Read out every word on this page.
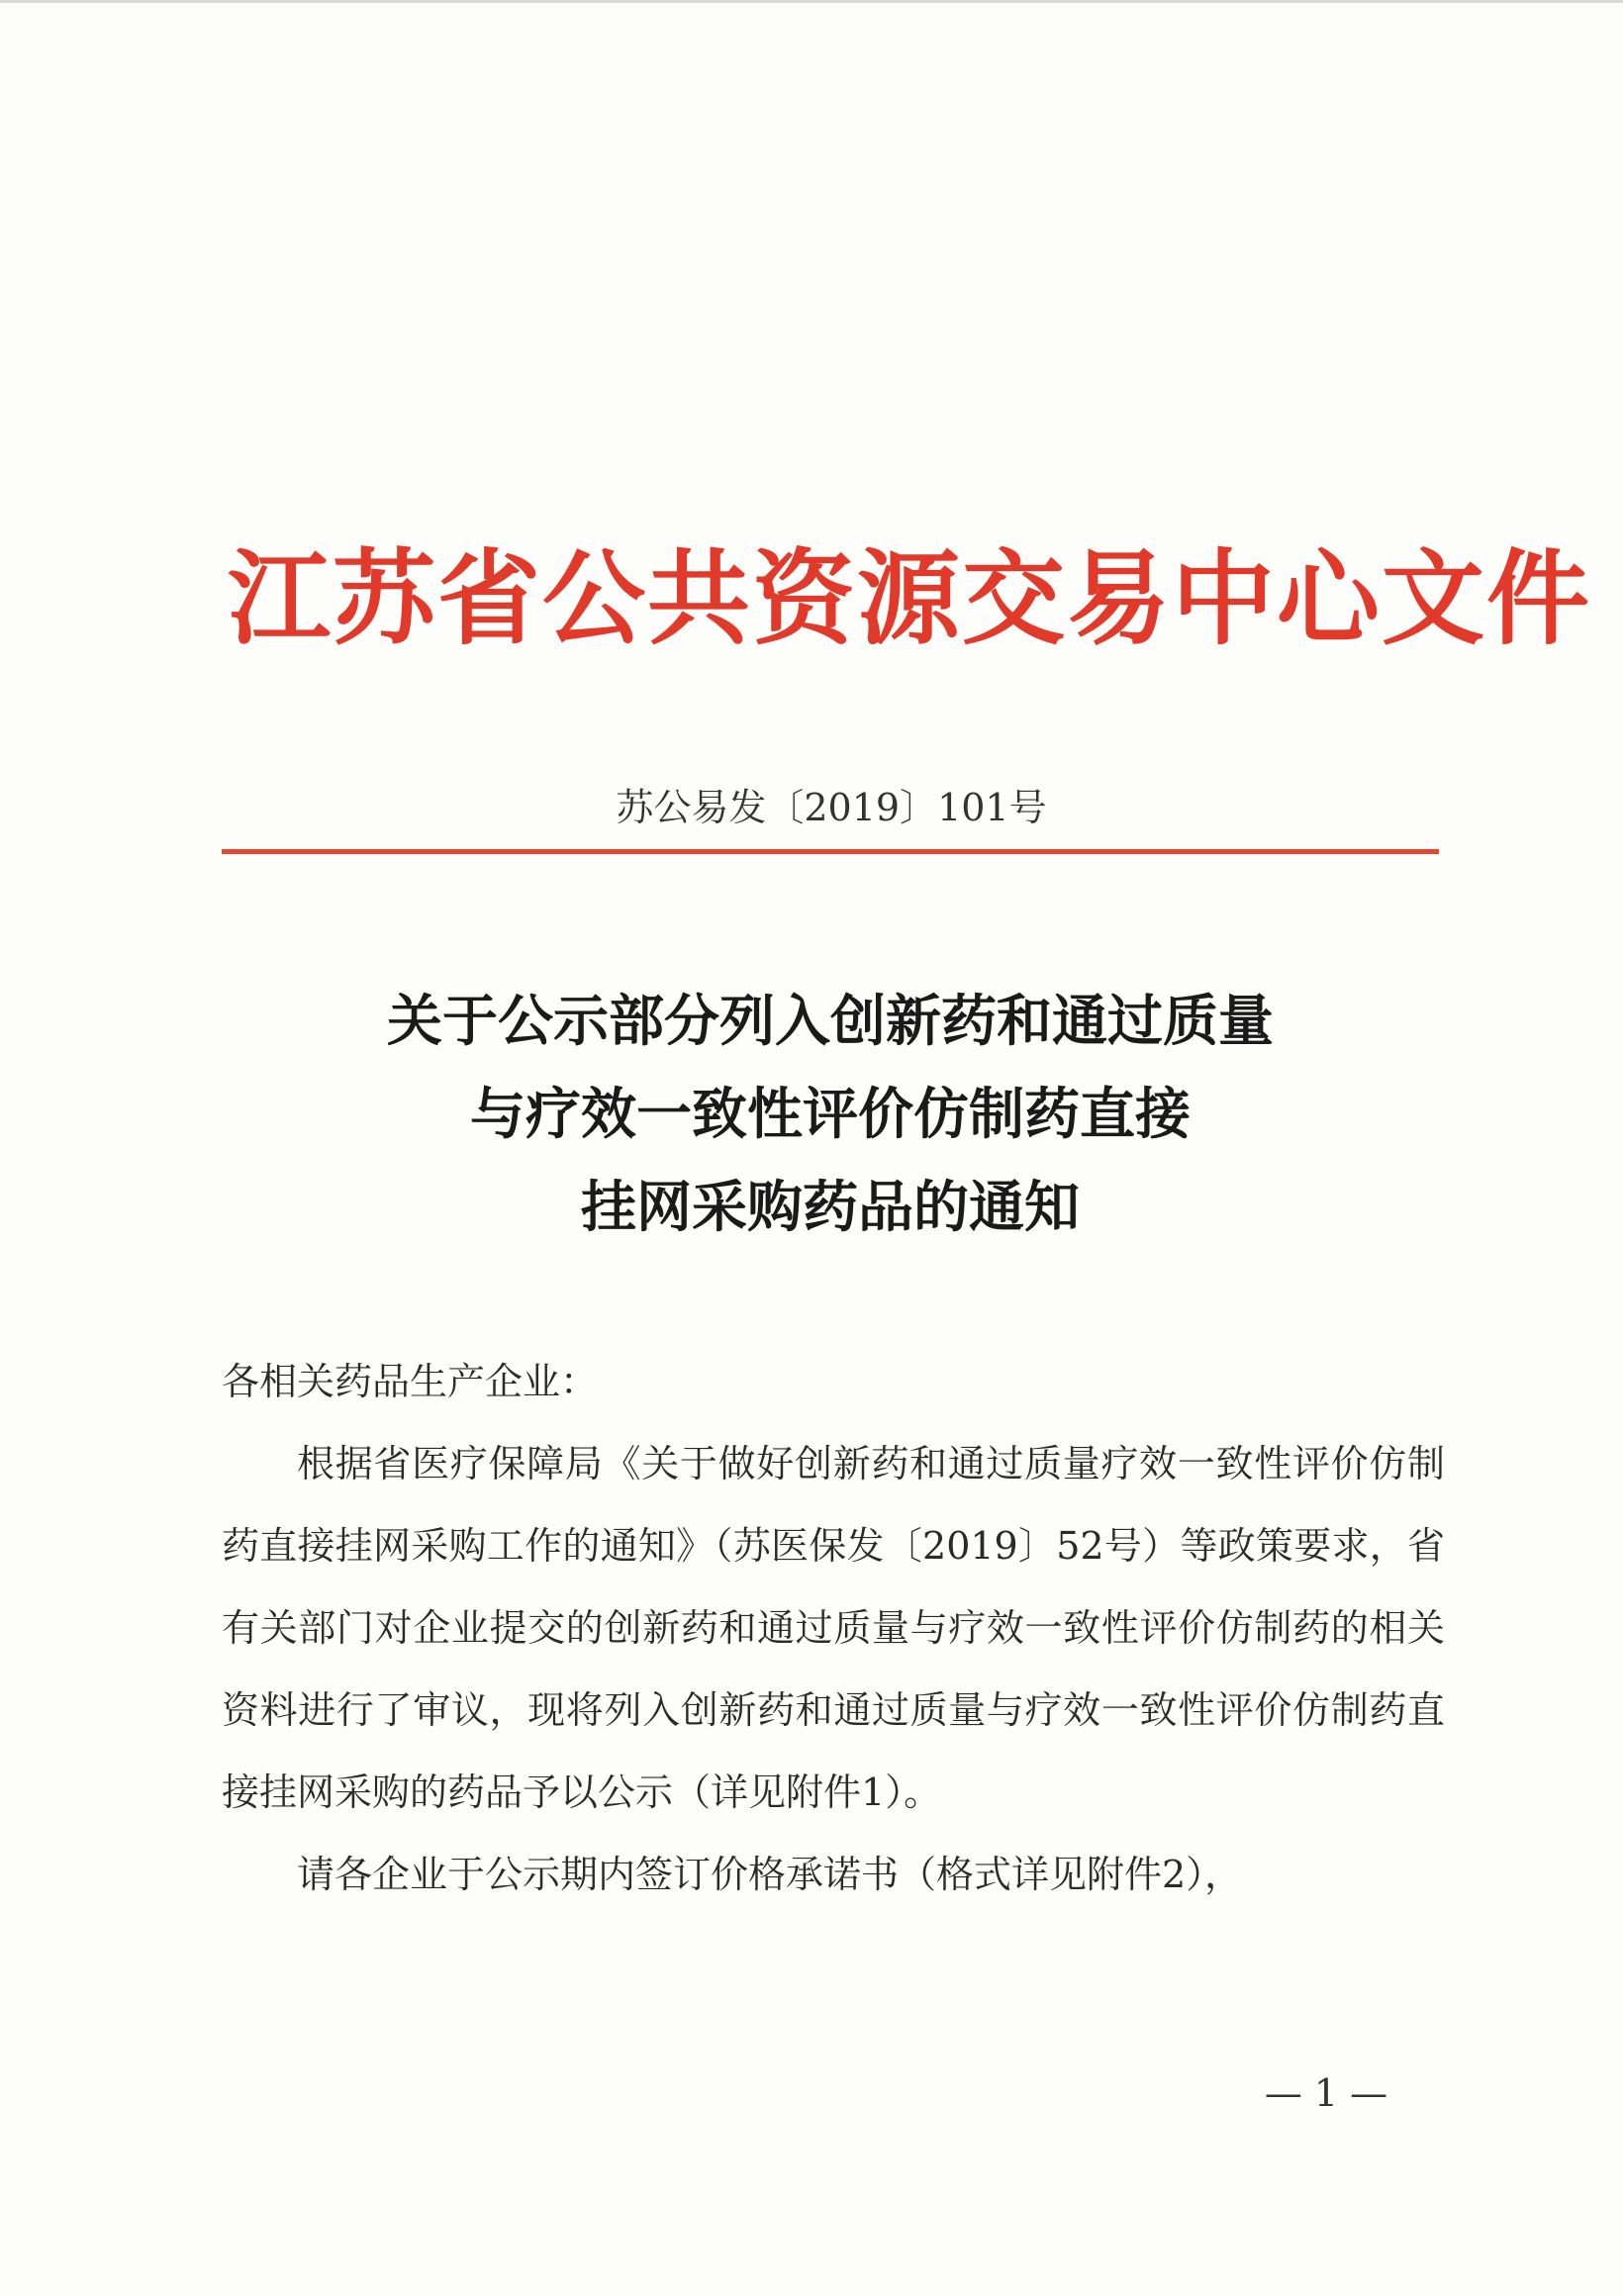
江苏省公共资源交易中心文件
苏公易发〔2019〕101号
关于公示部分列入创新药和通过质量
与疗效一致性评价仿制药直接
挂网采购药品的通知

各相关药品生产企业：

根据省医疗保障局《关于做好创新药和通过质量疗效一致性评价仿制药直接挂网采购工作的通知》（苏医保发〔2019〕52号）等政策要求，省有关部门对企业提交的创新药和通过质量与疗效一致性评价仿制药的相关资料进行了审议，现将列入创新药和通过质量与疗效一致性评价仿制药直接挂网采购的药品予以公示（详见附件1）。

请各企业于公示期内签订价格承诺书（格式详见附件2），

— 1 —
